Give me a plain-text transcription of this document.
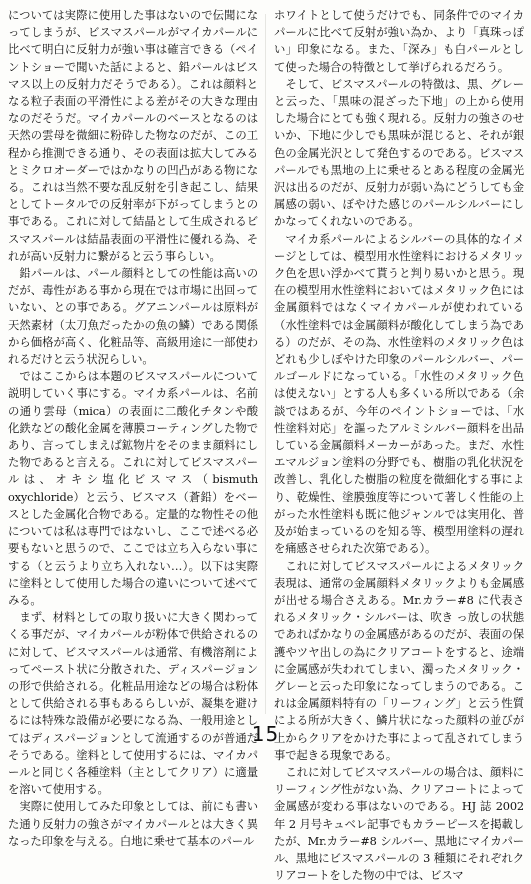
については実際に使用した事はないので伝聞になってしまうが、ビスマスパールがマイカパールに比べて明白に反射力が強い事は確言できる（ペイントショーで聞いた話によると、鉛パールはビスマス以上の反射力だそうである）。これは顔料となる粒子表面の平滑性による差がその大きな理由なのだそうだ。マイカパールのベースとなるのは天然の雲母を微細に粉砕した物なのだが、この工程から推測できる通り、その表面は拡大してみるとミクロオーダーではかなりの凹凸がある物になる。これは当然不要な乱反射を引き起こし、結果としてトータルでの反射率が下がってしまうとの事である。これに対して結晶として生成されるビスマスパールは結晶表面の平滑性に優れる為、それが高い反射力に繋がると云う事らしい。

鉛パールは、パール顔料としての性能は高いのだが、毒性がある事から現在では市場に出回っていない、との事である。グアニンパールは原料が天然素材（太刀魚だったかの魚の鱗）である関係から価格が高く、化粧品等、高級用途に一部使われるだけと云う状況らしい。

ではここからは本題のビスマスパールについて説明していく事にする。マイカ系パールは、名前の通り雲母（mica）の表面に二酸化チタンや酸化鉄などの酸化金属を薄膜コーティングした物であり、言ってしまえば鉱物片をそのまま顔料にした物であると言える。これに対してビスマスパールは、オキシ塩化ビスマス（bismuth oxychloride）と云う、ビスマス（蒼鉛）をベースとした金属化合物である。定量的な物性その他については私は専門ではないし、ここで述べる必要もないと思うので、ここでは立ち入らない事にする（と云うより立ち入れない…）。以下は実際に塗料として使用した場合の違いについて述べてみる。

まず、材料としての取り扱いに大きく関わってくる事だが、マイカパールが粉体で供給されるのに対して、ビスマスパールは通常、有機溶剤によってペースト状に分散された、ディスパージョンの形で供給される。化粧品用途などの場合は粉体として供給される事もあるらしいが、凝集を避けるには特殊な設備が必要になる為、一般用途としてはディスパージョンとして流通するのが普通だそうである。塗料として使用するには、マイカパールと同じく各種塗料（主としてクリア）に適量を溶いて使用する。

実際に使用してみた印象としては、前にも書いた通り反射力の強さがマイカパールとは大きく異なった印象を与える。白地に乗せて基本のパール

ホワイトとして使うだけでも、同条件でのマイカパールに比べて反射が強い為か、より「真珠っぽい」印象になる。また、「深み」も白パールとして使った場合の特徴として挙げられるだろう。

そして、ビスマスパールの特徴は、黒、グレーと云った、「黒味の混ざった下地」の上から使用した場合にとても強く現れる。反射力の強さのせいか、下地に少しでも黒味が混じると、それが銀色の金属光沢として発色するのである。ビスマスパールでも黒地の上に乗せるとある程度の金属光沢は出るのだが、反射力が弱い為にどうしても金属感の弱い、ぼやけた感じのパールシルバーにしかなってくれないのである。

マイカ系パールによるシルバーの具体的なイメージとしては、模型用水性塗料におけるメタリック色を思い浮かべて貰うと判り易いかと思う。現在の模型用水性塗料においてはメタリック色には金属顔料ではなくマイカパールが使われている（水性塗料では金属顔料が酸化してしまう為である）のだが、その為、水性塗料のメタリック色はどれも少しぼやけた印象のパールシルバー、パールゴールドになっている。「水性のメタリック色は使えない」とする人も多くいる所以である（余談ではあるが、今年のペイントショーでは、「水性塗料対応」を謳ったアルミシルバー顔料を出品している金属顔料メーカーがあった。まだ、水性エマルジョン塗料の分野でも、樹脂の乳化状況を改善し、乳化した樹脂の粒度を微細化する事により、乾燥性、塗膜強度等について著しく性能の上がった水性塗料も既に他ジャンルでは実用化、普及が始まっているのを知る等、模型用塗料の遅れを痛感させられた次第である）。

これに対してビスマスパールによるメタリック表現は、通常の金属顔料メタリックよりも金属感が出せる場合さえある。Mr.カラー#8 に代表されるメタリック・シルバーは、吹き っ放しの状態であればかなりの金属感があるのだが、表面の保護やツヤ出しの為にクリアコートをすると、途端に金属感が失われてしまい、濁ったメタリック・グレーと云った印象になってしまうのである。これは金属顔料特有の「リーフィング」と云う性質による所が大きく、鱗片状になった顔料の並びが上からクリアをかけた事によって乱されてしまう事で起きる現象である。

これに対してビスマスパールの場合は、顔料にリーフィング性がない為、クリアコートによって金属感が変わる事はないのである。HJ 誌 2002 年 2 月号キュベレ記事でもカラーピースを掲載したが、Mr.カラー#8 シルバー、黒地にマイカパール、黒地にビスマスパールの 3 種類にそれぞれクリアコートをした物の中では、ビスマ

15
